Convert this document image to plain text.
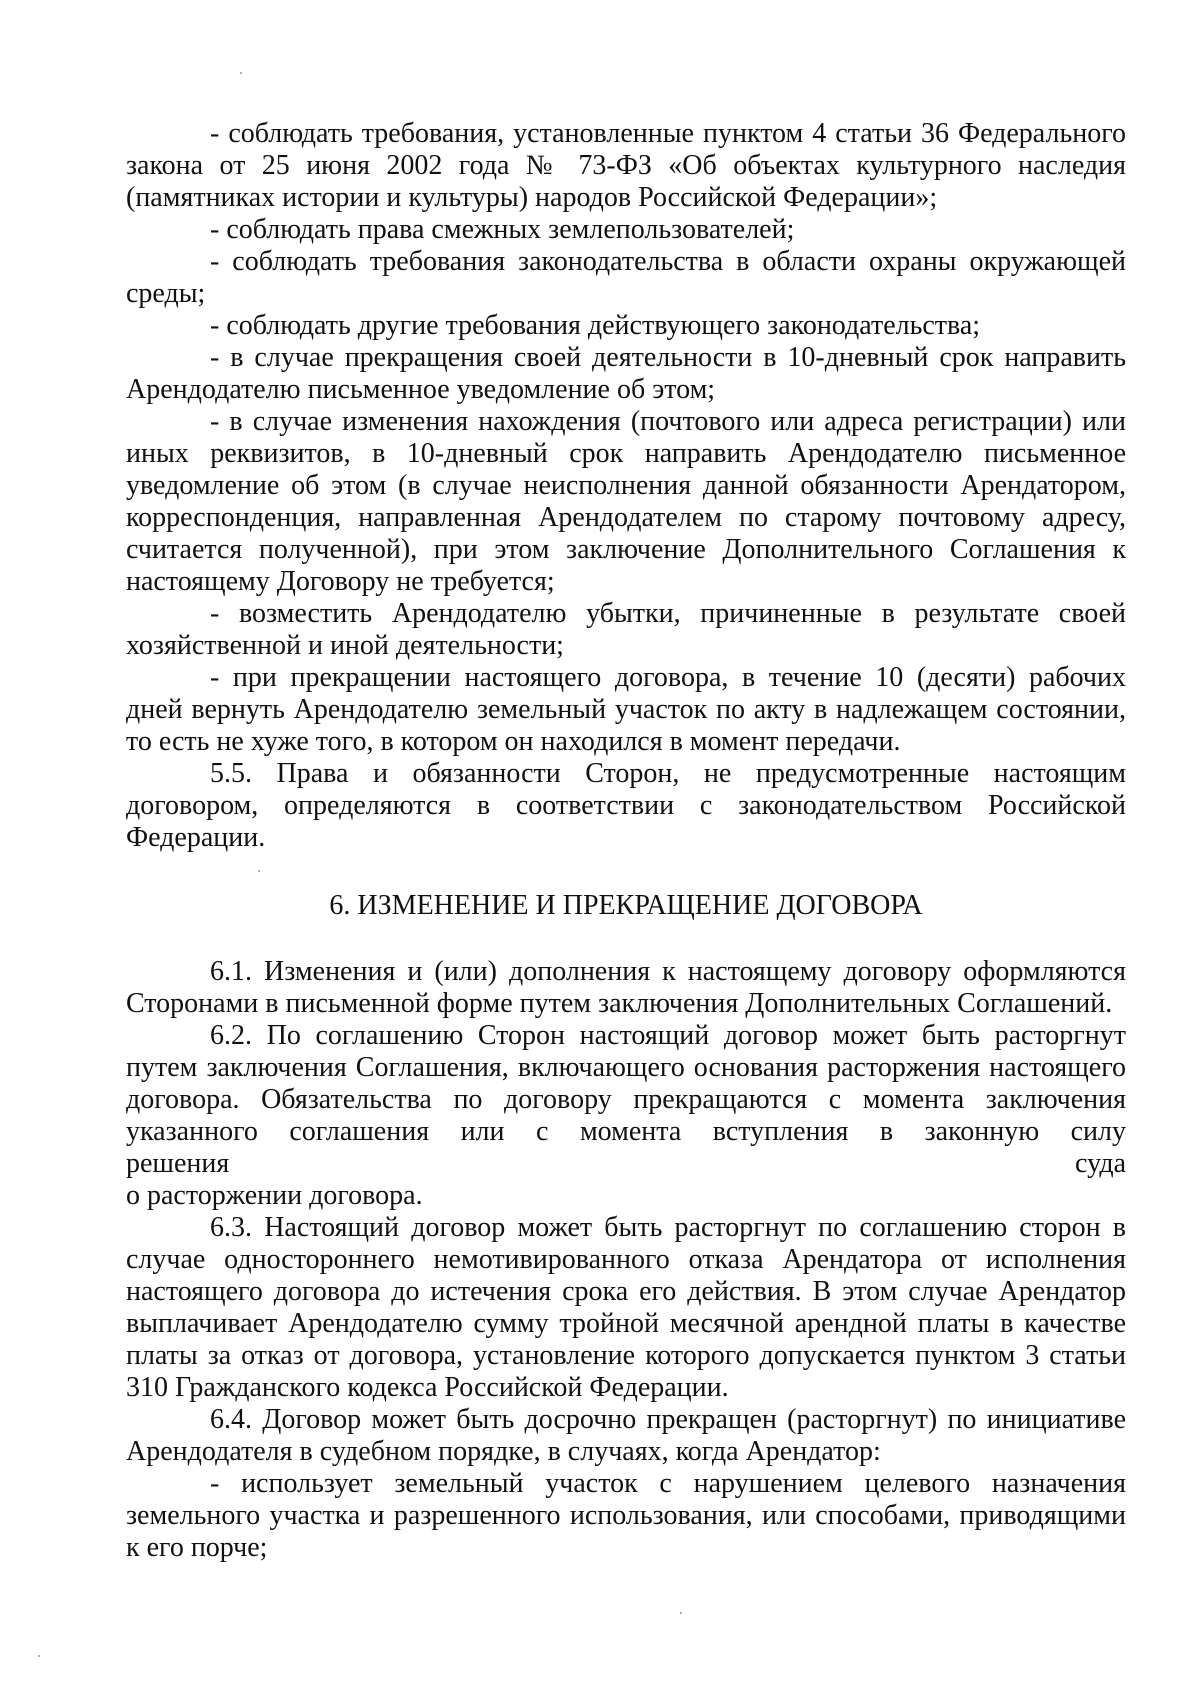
- соблюдать требования, установленные пунктом 4 статьи 36 Федерального закона от 25 июня 2002 года № 73-ФЗ «Об объектах культурного наследия (памятниках истории и культуры) народов Российской Федерации»;

- соблюдать права смежных землепользователей;

- соблюдать требования законодательства в области охраны окружающей среды;

- соблюдать другие требования действующего законодательства;

- в случае прекращения своей деятельности в 10-дневный срок направить Арендодателю письменное уведомление об этом;

- в случае изменения нахождения (почтового или адреса регистрации) или иных реквизитов, в 10-дневный срок направить Арендодателю письменное уведомление об этом (в случае неисполнения данной обязанности Арендатором, корреспонденция, направленная Арендодателем по старому почтовому адресу, считается полученной), при этом заключение Дополнительного Соглашения к настоящему Договору не требуется;

- возместить Арендодателю убытки, причиненные в результате своей хозяйственной и иной деятельности;

- при прекращении настоящего договора, в течение 10 (десяти) рабочих дней вернуть Арендодателю земельный участок по акту в надлежащем состоянии, то есть не хуже того, в котором он находился в момент передачи.

5.5. Права и обязанности Сторон, не предусмотренные настоящим договором, определяются в соответствии с законодательством Российской Федерации.

6. ИЗМЕНЕНИЕ И ПРЕКРАЩЕНИЕ ДОГОВОРА

6.1. Изменения и (или) дополнения к настоящему договору оформляются Сторонами в письменной форме путем заключения Дополнительных Соглашений.

6.2. По соглашению Сторон настоящий договор может быть расторгнут путем заключения Соглашения, включающего основания расторжения настоящего договора. Обязательства по договору прекращаются с момента заключения указанного соглашения или с момента вступления в законную силу

решения	суда

о расторжении договора.

6.3. Настоящий договор может быть расторгнут по соглашению сторон в случае одностороннего немотивированного отказа Арендатора от исполнения настоящего договора до истечения срока его действия. В этом случае Арендатор выплачивает Арендодателю сумму тройной месячной арендной платы в качестве платы за отказ от договора, установление которого допускается пунктом 3 статьи 310 Гражданского кодекса Российской Федерации.

6.4. Договор может быть досрочно прекращен (расторгнут) по инициативе Арендодателя в судебном порядке, в случаях, когда Арендатор:

- использует земельный участок с нарушением целевого назначения земельного участка и разрешенного использования, или способами, приводящими к его порче;
